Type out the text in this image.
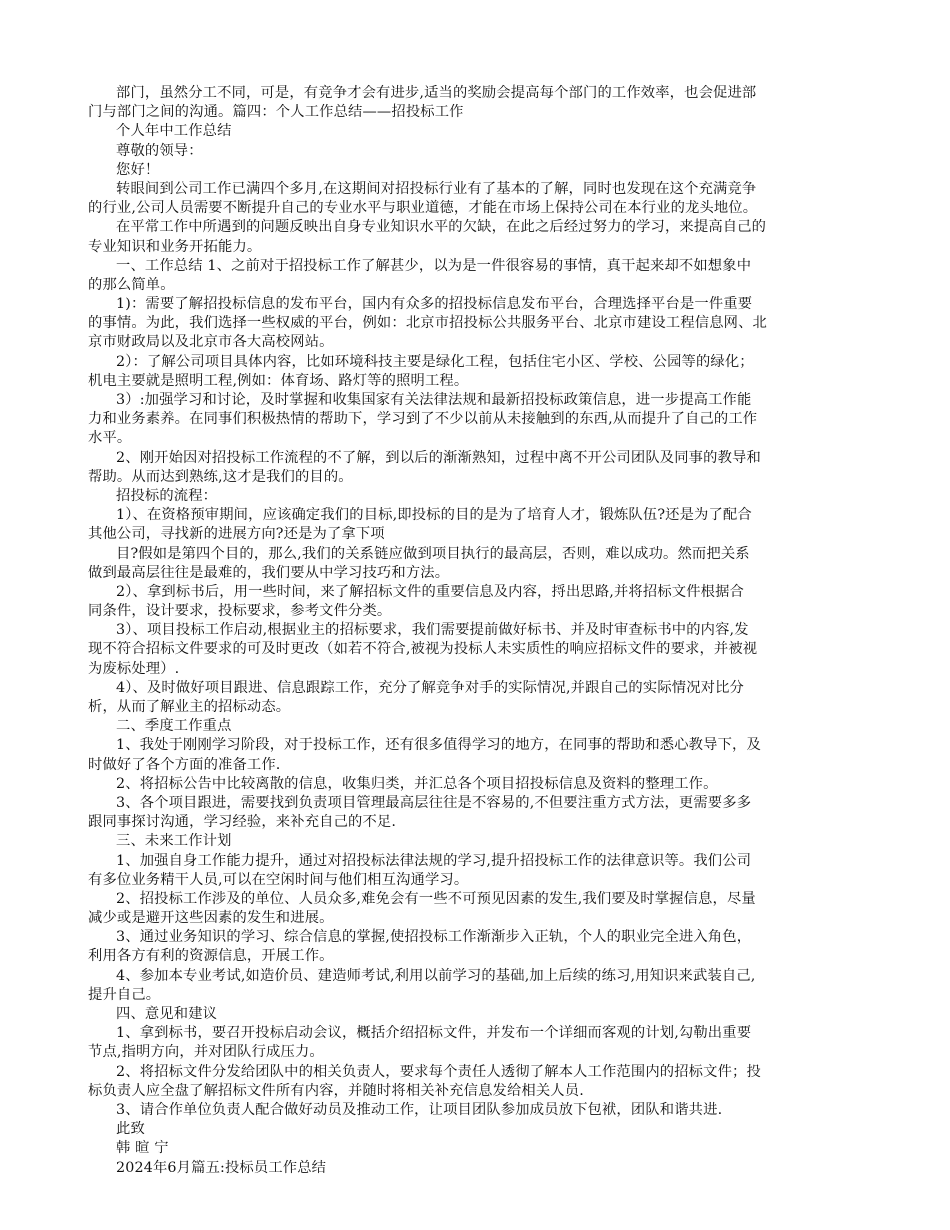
部门，虽然分工不同，可是，有竞争才会有进步,适当的奖励会提高每个部门的工作效率，也会促进部
门与部门之间的沟通。篇四：个人工作总结——招投标工作
个人年中工作总结
尊敬的领导：
您好！
转眼间到公司工作已满四个多月,在这期间对招投标行业有了基本的了解，同时也发现在这个充满竞争
的行业,公司人员需要不断提升自己的专业水平与职业道德，才能在市场上保持公司在本行业的龙头地位。
在平常工作中所遇到的问题反映出自身专业知识水平的欠缺，在此之后经过努力的学习，来提高自己的
专业知识和业务开拓能力。
一、工作总结 1、之前对于招投标工作了解甚少，以为是一件很容易的事情，真干起来却不如想象中
的那么简单。
1)：需要了解招投标信息的发布平台，国内有众多的招投标信息发布平台，合理选择平台是一件重要
的事情。为此，我们选择一些权威的平台，例如：北京市招投标公共服务平台、北京市建设工程信息网、北
京市财政局以及北京市各大高校网站。
2）：了解公司项目具体内容，比如环境科技主要是绿化工程，包括住宅小区、学校、公园等的绿化；
机电主要就是照明工程,例如：体育场、路灯等的照明工程。
3）:加强学习和讨论，及时掌握和收集国家有关法律法规和最新招投标政策信息，进一步提高工作能
力和业务素养。在同事们积极热情的帮助下，学习到了不少以前从未接触到的东西,从而提升了自己的工作
水平。
2、刚开始因对招投标工作流程的不了解，到以后的渐渐熟知，过程中离不开公司团队及同事的教导和
帮助。从而达到熟练,这才是我们的目的。
招投标的流程：
1）、在资格预审期间，应该确定我们的目标,即投标的目的是为了培育人才，锻炼队伍?还是为了配合
其他公司，寻找新的进展方向?还是为了拿下项
目?假如是第四个目的，那么,我们的关系链应做到项目执行的最高层，否则，难以成功。然而把关系
做到最高层往往是最难的，我们要从中学习技巧和方法。
2）、拿到标书后，用一些时间，来了解招标文件的重要信息及内容，捋出思路,并将招标文件根据合
同条件，设计要求，投标要求，参考文件分类。
3）、项目投标工作启动,根据业主的招标要求，我们需要提前做好标书、并及时审查标书中的内容,发
现不符合招标文件要求的可及时更改（如若不符合,被视为投标人未实质性的响应招标文件的要求，并被视
为废标处理）.
4）、及时做好项目跟进、信息跟踪工作，充分了解竞争对手的实际情况,并跟自己的实际情况对比分
析，从而了解业主的招标动态。
二、季度工作重点
1、我处于刚刚学习阶段，对于投标工作，还有很多值得学习的地方，在同事的帮助和悉心教导下，及
时做好了各个方面的准备工作.
2、将招标公告中比较离散的信息，收集归类，并汇总各个项目招投标信息及资料的整理工作。
3、各个项目跟进，需要找到负责项目管理最高层往往是不容易的,不但要注重方式方法，更需要多多
跟同事探讨沟通，学习经验，来补充自己的不足.
三、未来工作计划
1、加强自身工作能力提升，通过对招投标法律法规的学习,提升招投标工作的法律意识等。我们公司
有多位业务精干人员,可以在空闲时间与他们相互沟通学习。
2、招投标工作涉及的单位、人员众多,难免会有一些不可预见因素的发生,我们要及时掌握信息，尽量
减少或是避开这些因素的发生和进展。
3、通过业务知识的学习、综合信息的掌握,使招投标工作渐渐步入正轨，个人的职业完全进入角色，
利用各方有利的资源信息，开展工作。
4、参加本专业考试,如造价员、建造师考试,利用以前学习的基础,加上后续的练习,用知识来武装自己,
提升自己。
四、意见和建议
1、拿到标书，要召开投标启动会议，概括介绍招标文件，并发布一个详细而客观的计划,勾勒出重要
节点,指明方向，并对团队行成压力。
2、将招标文件分发给团队中的相关负责人，要求每个责任人透彻了解本人工作范围内的招标文件；投
标负责人应全盘了解招标文件所有内容，并随时将相关补充信息发给相关人员.
3、请合作单位负责人配合做好动员及推动工作，让项目团队参加成员放下包袱，团队和谐共进.
此致
韩 暄 宁
2024年6月篇五:投标员工作总结
